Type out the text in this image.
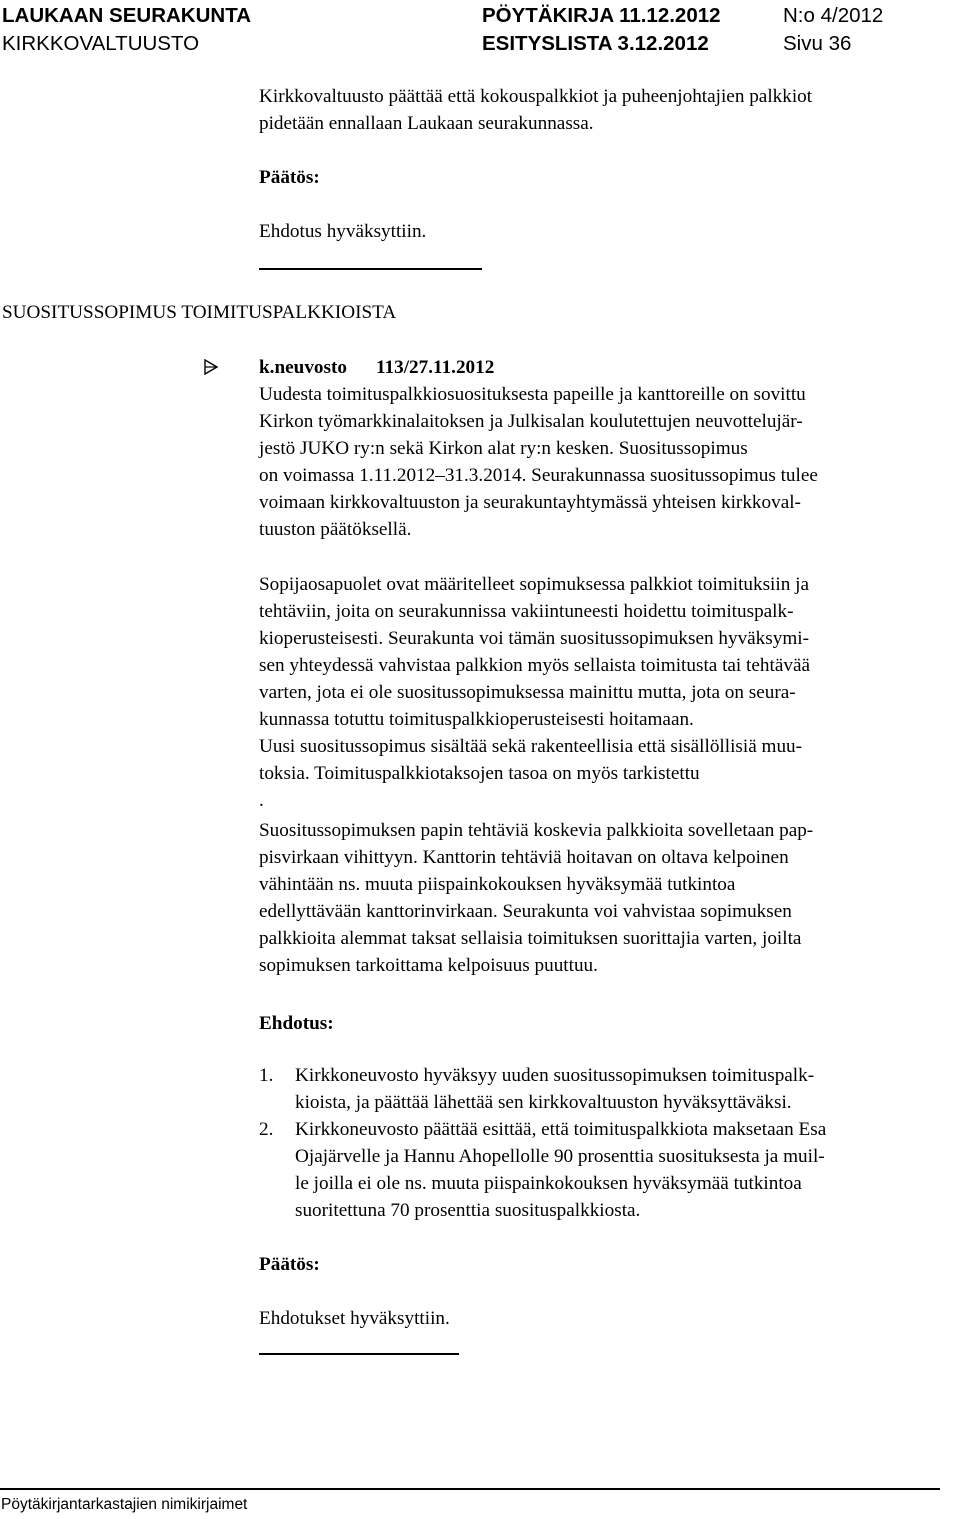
LAUKAAN SEURAKUNTA
KIRKKOVALTUUSTO
PÖYTÄKIRJA 11.12.2012
ESITYSLISTA 3.12.2012
N:o 4/2012
Sivu 36
Kirkkovaltuusto päättää että kokouspalkkiot ja puheenjohtajien palkkiot
pidetään ennallaan Laukaan seurakunnassa.
Päätös:
Ehdotus hyväksyttiin.
SUOSITUSSOPIMUS TOIMITUSPALKKIOISTA
k.neuvosto 113/27.11.2012
Uudesta toimituspalkkiosuosituksesta papeille ja kanttoreille on sovittu
Kirkon työmarkkinalaitoksen ja Julkisalan koulutettujen neuvottelujär-
jestö JUKO ry:n sekä Kirkon alat ry:n kesken. Suositussopimus
on voimassa 1.11.2012–31.3.2014. Seurakunnassa suositussopimus tulee
voimaan kirkkovaltuuston ja seurakuntayhtymässä yhteisen kirkkoval-
tuuston päätöksellä.
Sopijaosapuolet ovat määritelleet sopimuksessa palkkiot toimituksiin ja
tehtäviin, joita on seurakunnissa vakiintuneesti hoidettu toimituspalk-
kioperusteisesti. Seurakunta voi tämän suositussopimuksen hyväksymi-
sen yhteydessä vahvistaa palkkion myös sellaista toimitusta tai tehtävää
varten, jota ei ole suositussopimuksessa mainittu mutta, jota on seura-
kunnassa totuttu toimituspalkkioperusteisesti hoitamaan.
Uusi suositussopimus sisältää sekä rakenteellisia että sisällöllisiä muu-
toksia. Toimituspalkkiotaksojen tasoa on myös tarkistettu
.
Suositussopimuksen papin tehtäviä koskevia palkkioita sovelletaan pap-
pisvirkaan vihittyyn. Kanttorin tehtäviä hoitavan on oltava kelpoinen
vähintään ns. muuta piispainkokouksen hyväksymää tutkintoa
edellyttävään kanttorinvirkaan. Seurakunta voi vahvistaa sopimuksen
palkkioita alemmat taksat sellaisia toimituksen suorittajia varten, joilta
sopimuksen tarkoittama kelpoisuus puuttuu.
Ehdotus:
1. Kirkkoneuvosto hyväksyy uuden suositussopimuksen toimituspalk-
kioista, ja päättää lähettää sen kirkkovaltuuston hyväksyttäväksi.
2. Kirkkoneuvosto päättää esittää, että toimituspalkkiota maksetaan Esa
Ojajärvelle ja Hannu Ahopellolle 90 prosenttia suosituksesta ja muil-
le joilla ei ole ns. muuta piispainkokouksen hyväksymää tutkintoa
suoritettuna 70 prosenttia suosituspalkkiosta.
Päätös:
Ehdotukset hyväksyttiin.
Pöytäkirjantarkastajien nimikirjaimet
